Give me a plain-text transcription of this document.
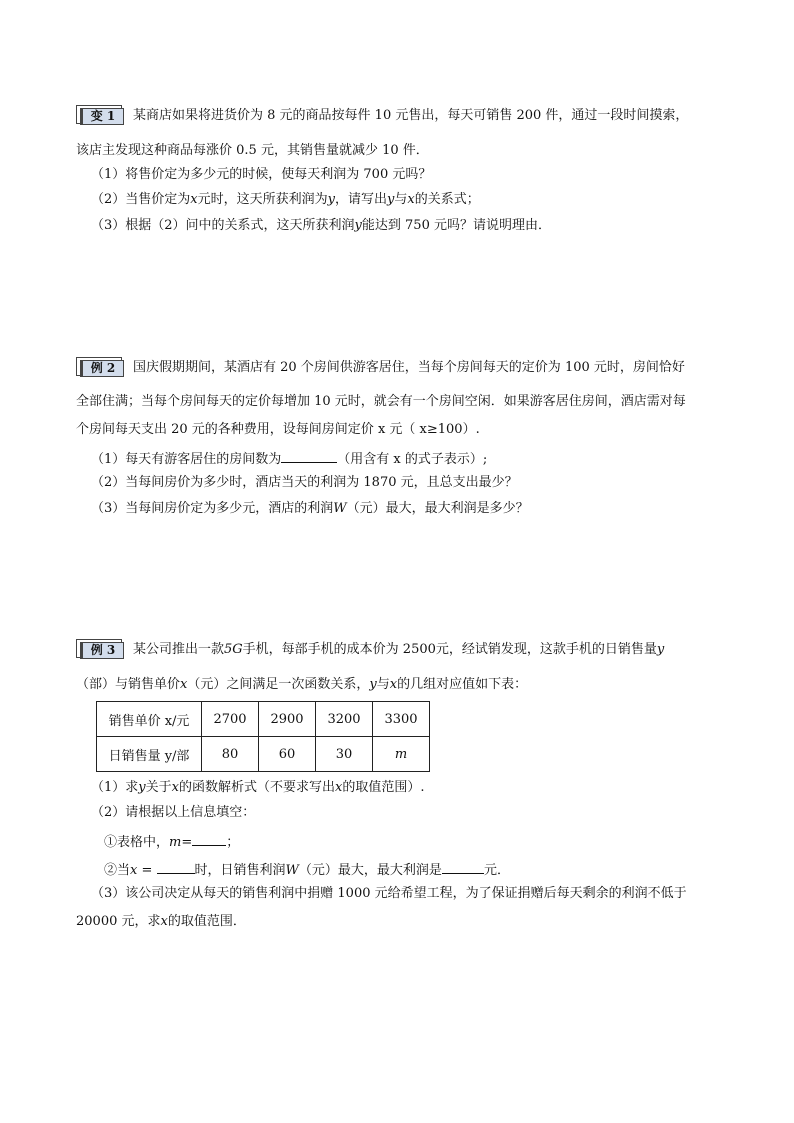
变 1	某商店如果将进货价为 8 元的商品按每件 10 元售出，每天可销售 200 件，通过一段时间摸索，
该店主发现这种商品每涨价 0.5 元，其销售量就减少 10 件．
（1）将售价定为多少元的时候，使每天利润为 700 元吗？
（2）当售价定为x元时，这天所获利润为y，请写出y与x的关系式；
（3）根据（2）问中的关系式，这天所获利润y能达到 750 元吗？请说明理由．
例 2	国庆假期期间，某酒店有 20 个房间供游客居住，当每个房间每天的定价为 100 元时，房间恰好
全部住满；当每个房间每天的定价每增加 10 元时，就会有一个房间空闲．如果游客居住房间，酒店需对每
个房间每天支出 20 元的各种费用，设每间房间定价 x 元（ x≥100）.
（1）每天有游客居住的房间数为	（用含有 x 的式子表示）;
（2）当每间房价为多少时，酒店当天的利润为 1870 元，且总支出最少？
（3）当每间房价定为多少元，酒店的利润W（元）最大，最大利润是多少？
例 3	某公司推出一款5G手机，每部手机的成本价为 2500元，经试销发现，这款手机的日销售量y
（部）与销售单价x（元）之间满足一次函数关系，y与x的几组对应值如下表：
销售单价 x/元	2700	2900	3200	3300
日销售量 y/部	80	60	30	m
（1）求y关于x的函数解析式（不要求写出x的取值范围）.
（2）请根据以上信息填空：
①表格中，m=	；
②当x =	时，日销售利润W（元）最大，最大利润是	元．
（3）该公司决定从每天的销售利润中捐赠 1000 元给希望工程，为了保证捐赠后每天剩余的利润不低于
20000 元，求x的取值范围．
